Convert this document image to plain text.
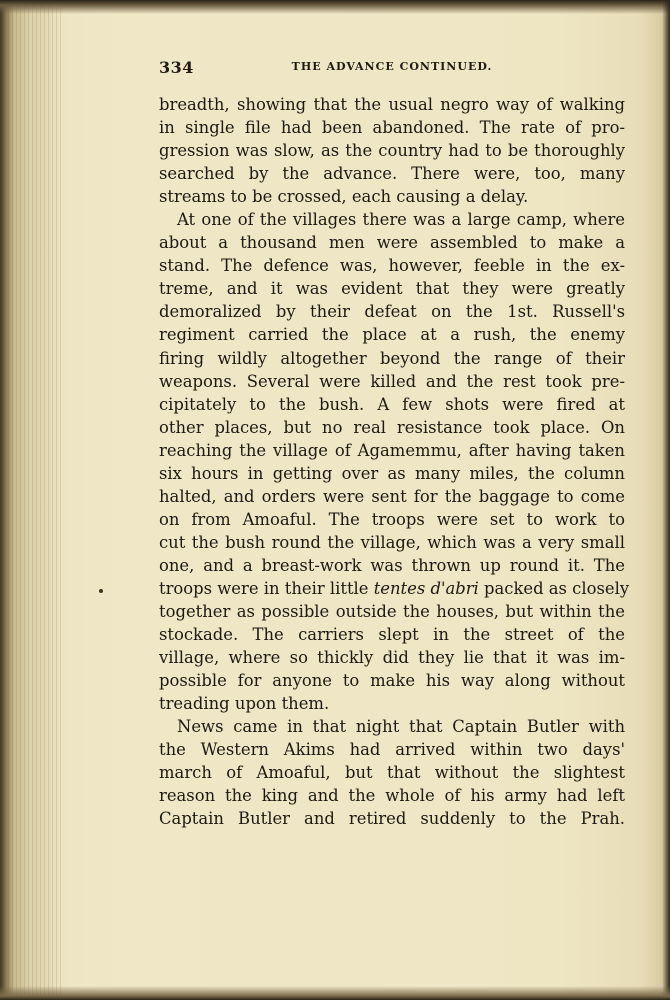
334	THE ADVANCE CONTINUED.
breadth, showing that the usual negro way of walking
in single file had been abandoned. The rate of pro-
gression was slow, as the country had to be thoroughly
searched by the advance. There were, too, many
streams to be crossed, each causing a delay.
At one of the villages there was a large camp, where
about a thousand men were assembled to make a
stand. The defence was, however, feeble in the ex-
treme, and it was evident that they were greatly
demoralized by their defeat on the 1st. Russell's
regiment carried the place at a rush, the enemy
firing wildly altogether beyond the range of their
weapons. Several were killed and the rest took pre-
cipitately to the bush. A few shots were fired at
other places, but no real resistance took place. On
reaching the village of Agamemmu, after having taken
six hours in getting over as many miles, the column
halted, and orders were sent for the baggage to come
on from Amoaful. The troops were set to work to
cut the bush round the village, which was a very small
one, and a breast-work was thrown up round it. The
troops were in their little tentes d'abri packed as closely
together as possible outside the houses, but within the
stockade. The carriers slept in the street of the
village, where so thickly did they lie that it was im-
possible for anyone to make his way along without
treading upon them.
News came in that night that Captain Butler with
the Western Akims had arrived within two days'
march of Amoaful, but that without the slightest
reason the king and the whole of his army had left
Captain Butler and retired suddenly to the Prah.
